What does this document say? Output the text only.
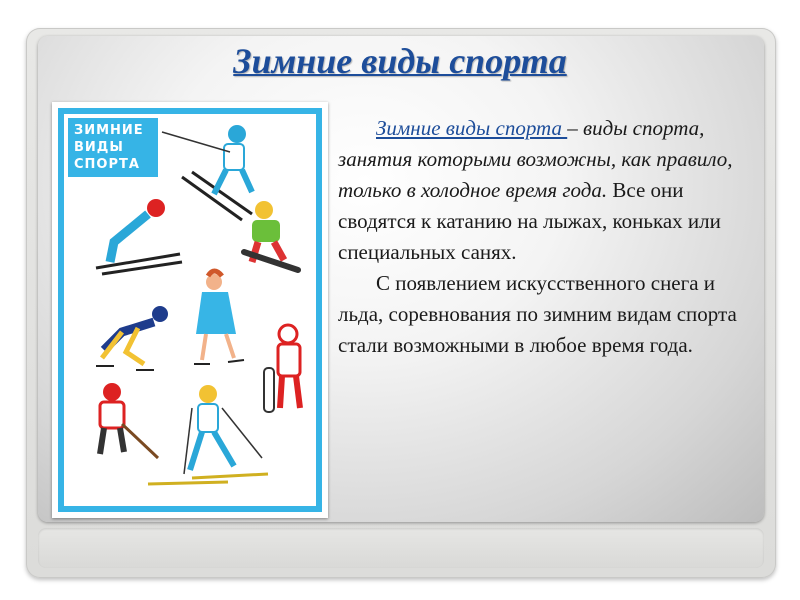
Зимние виды спорта
ЗИМНИЕ
ВИДЫ
СПОРТА

Зимние виды спорта – виды спорта, занятия которыми возможны, как правило, только в холодное время года. Все они сводятся к катанию на лыжах, коньках или специальных санях.

С появлением искусственного снега и льда, соревнования по зимним видам спорта стали возможными в любое время года.
